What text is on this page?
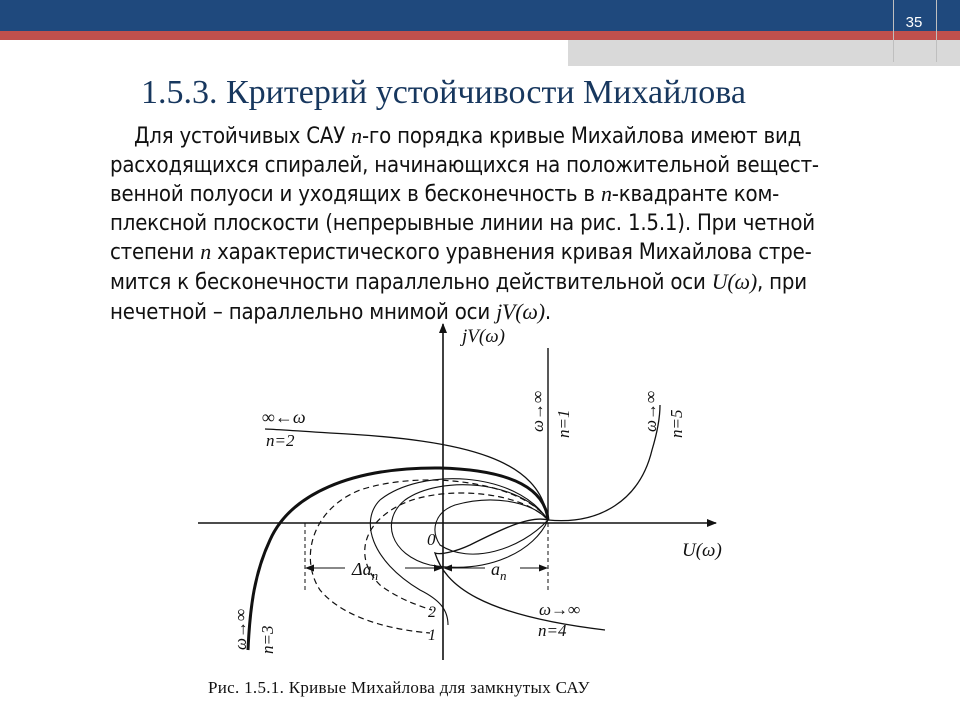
35
1.5.3. Критерий устойчивости Михайлова
Для устойчивых САУ n-го порядка кривые Михайлова имеют вид
расходящихся спиралей, начинающихся на положительной вещест-
венной полуоси и уходящих в бесконечность в n-квадранте ком-
плексной плоскости (непрерывные линии на рис. 1.5.1). При четной
степени n характеристического уравнения кривая Михайлова стре-
мится к бесконечности параллельно действительной оси U(ω), при
нечетной – параллельно мнимой оси jV(ω).
jV(ω)
U(ω)
0
∞←ω
n=2
ω→∞ n=1	ω→∞ n=5
ω→∞ n=3
ω→∞
n=4
$\Delta a_n$	$a_n$
2
1
Рис. 1.5.1. Кривые Михайлова для замкнутых САУ
